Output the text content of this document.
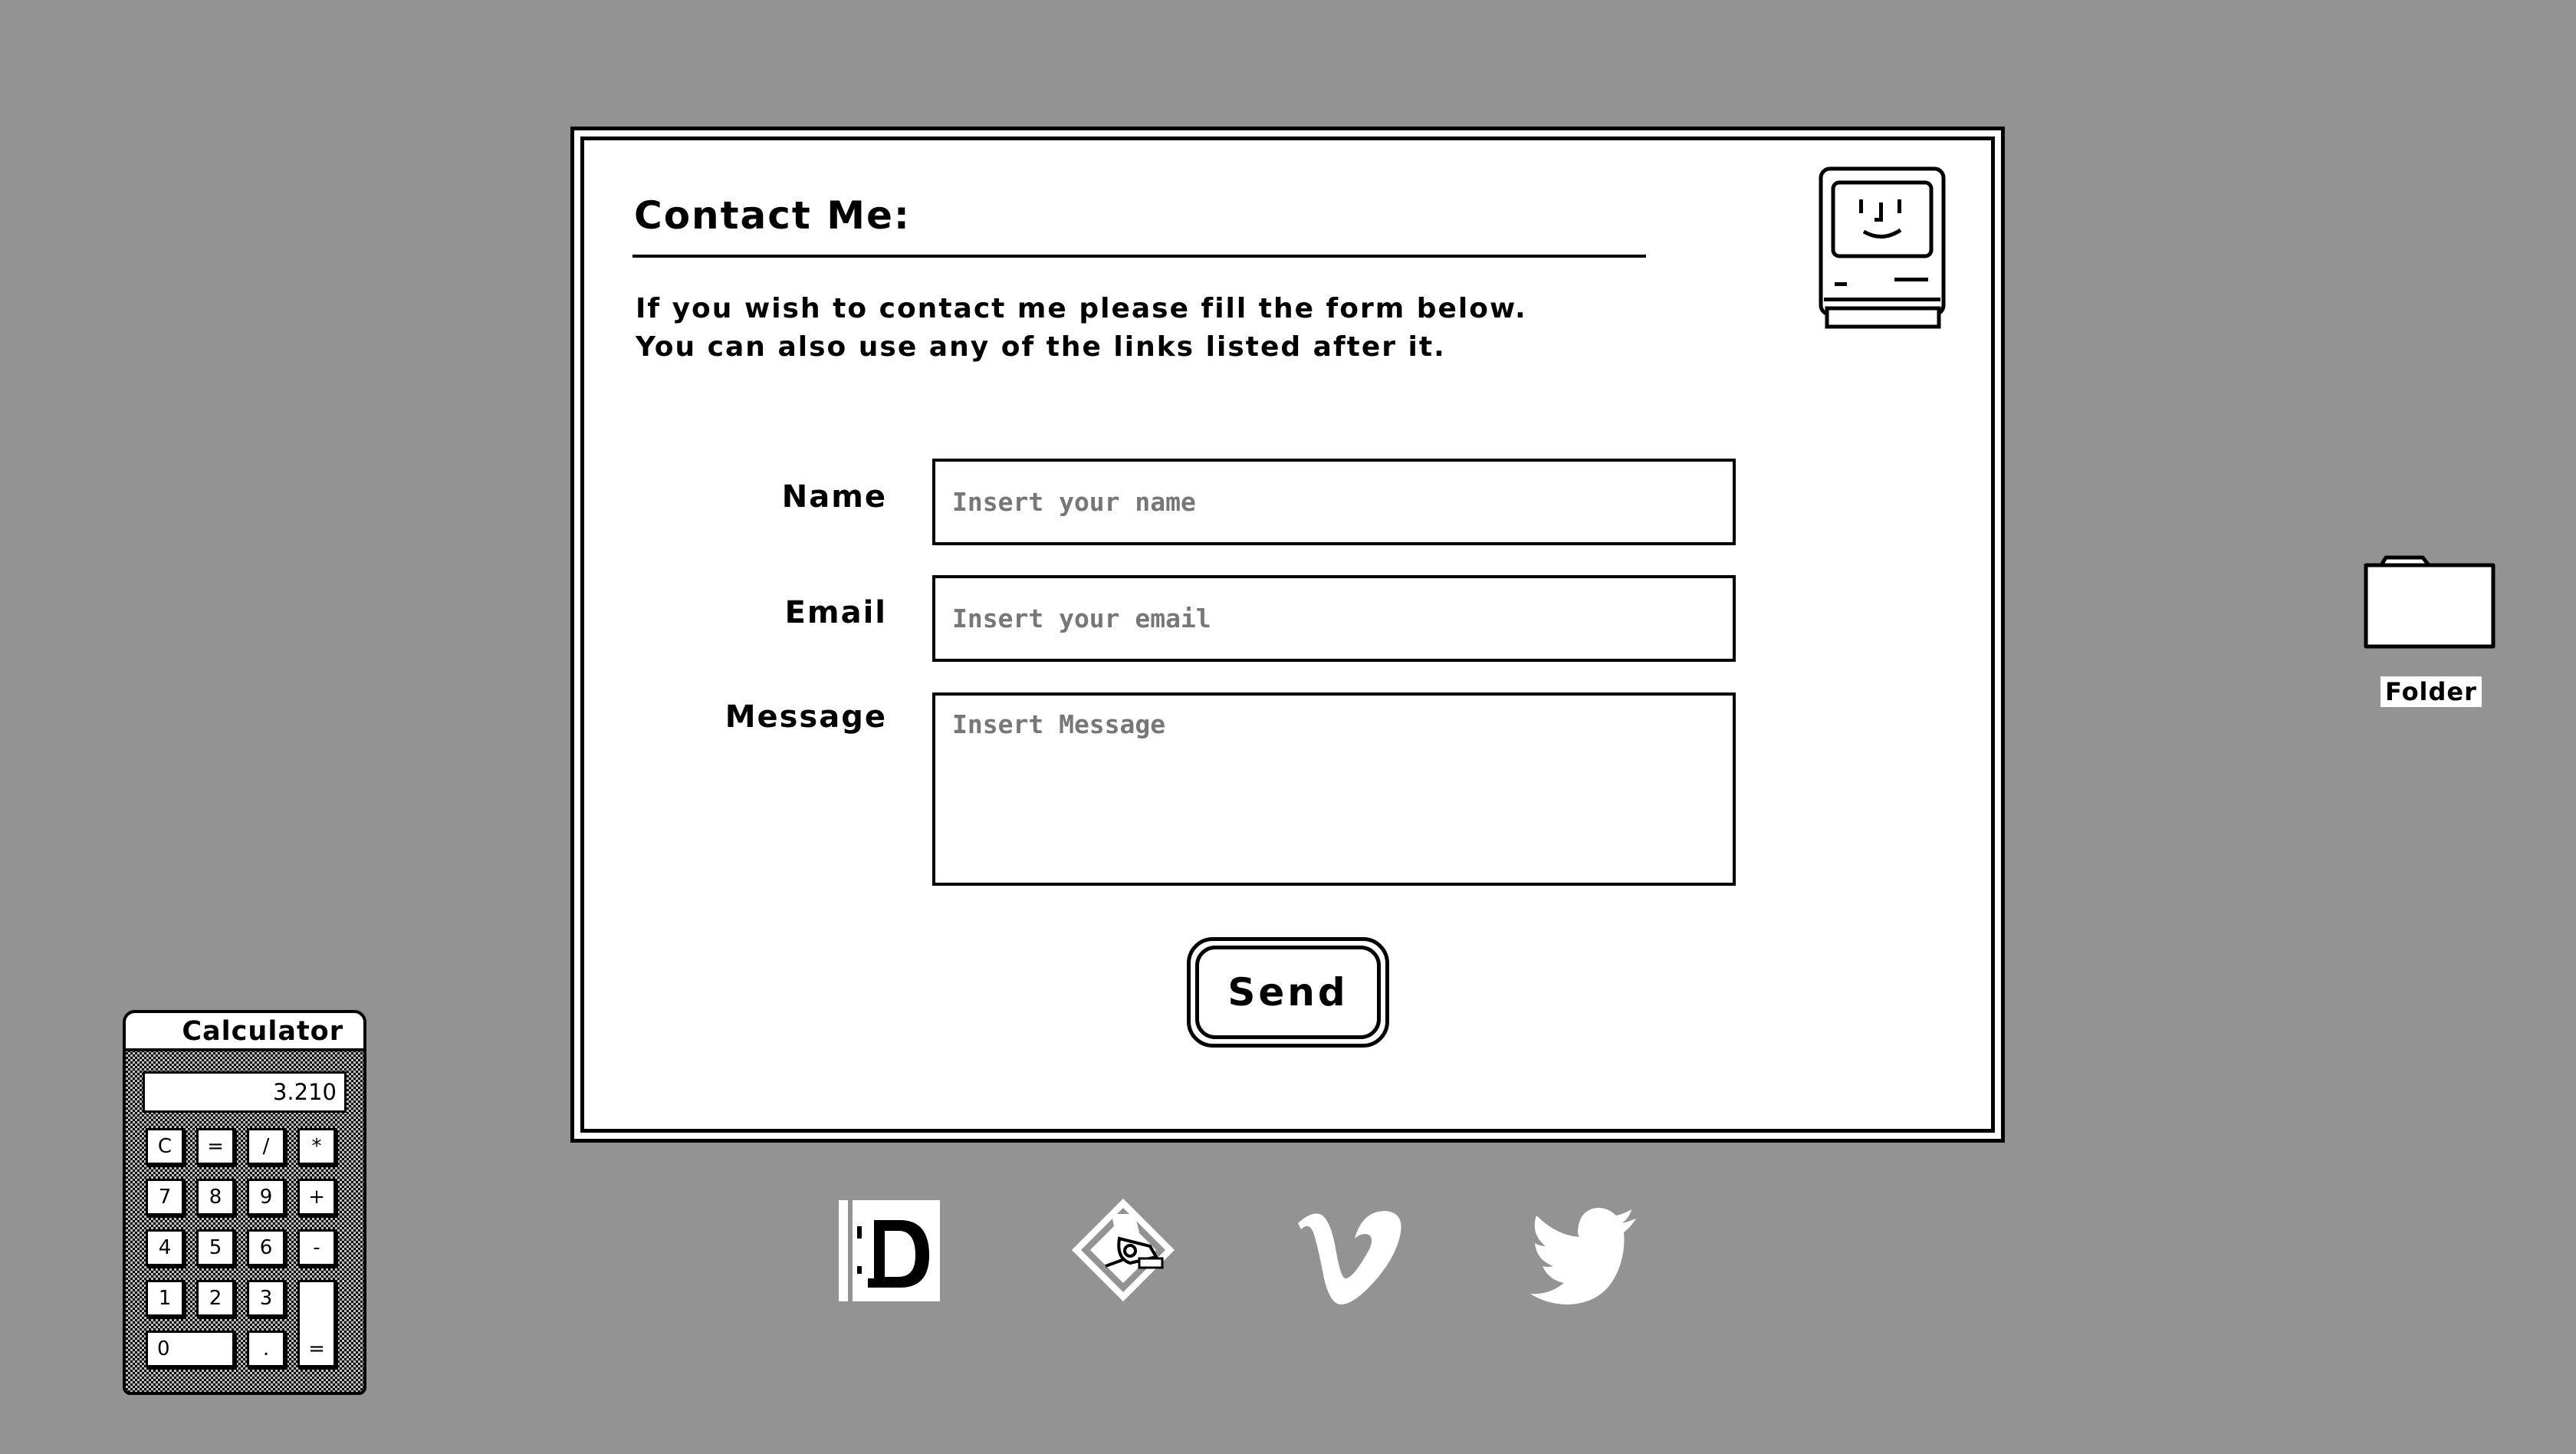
Contact Me:
If you wish to contact me please fill the form below.
You can also use any of the links listed after it.
Name
Insert your name
Email
Insert your email
Message
Insert Message
Send
Folder
Calculator
3.210
C	=	/	*
7	8	9	+
4	5	6	-
1	2	3
0	.	=
